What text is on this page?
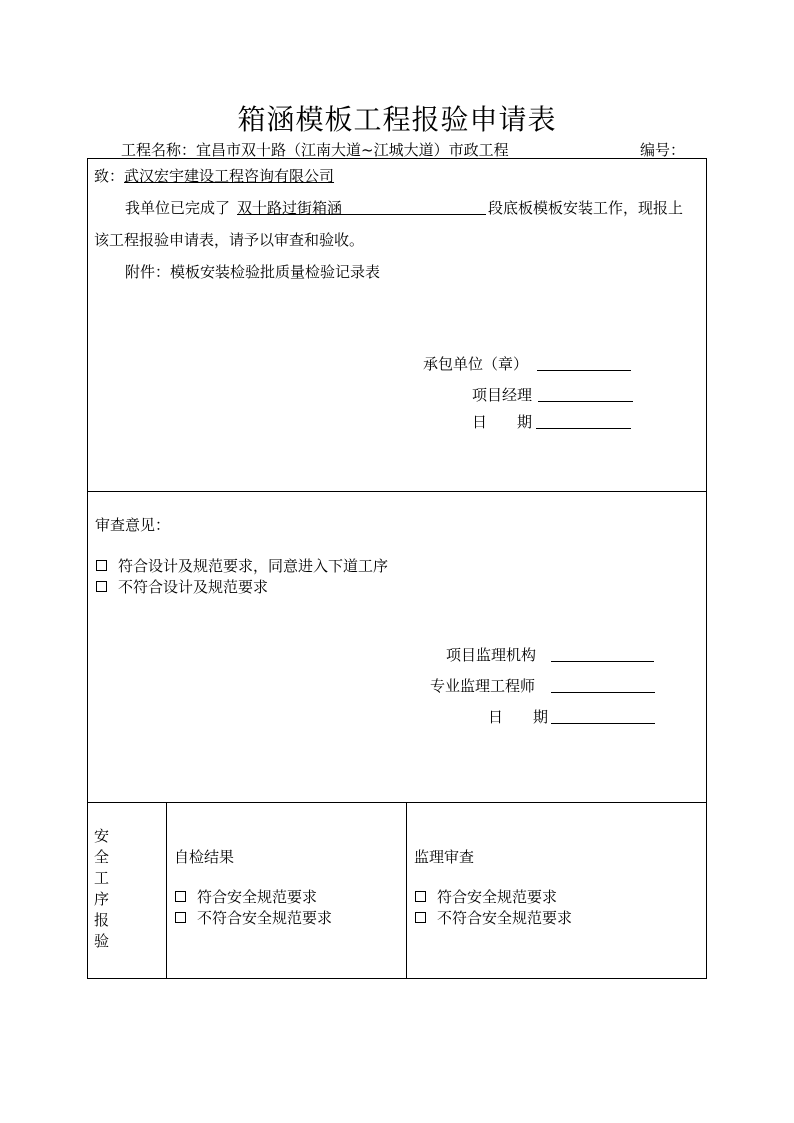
箱涵模板工程报验申请表
工程名称：宜昌市双十路（江南大道~江城大道）市政工程	编号：
致：武汉宏宇建设工程咨询有限公司
我单位已完成了 双十路过街箱涵	段底板模板安装工作，现报上
该工程报验申请表，请予以审查和验收。
附件：模板安装检验批质量检验记录表
承包单位（章）
项目经理
日　　期
审查意见：
符合设计及规范要求，同意进入下道工序
不符合设计及规范要求
项目监理机构
专业监理工程师
日　　期
安全工序报验
自检结果
符合安全规范要求
不符合安全规范要求
监理审查
符合安全规范要求
不符合安全规范要求
